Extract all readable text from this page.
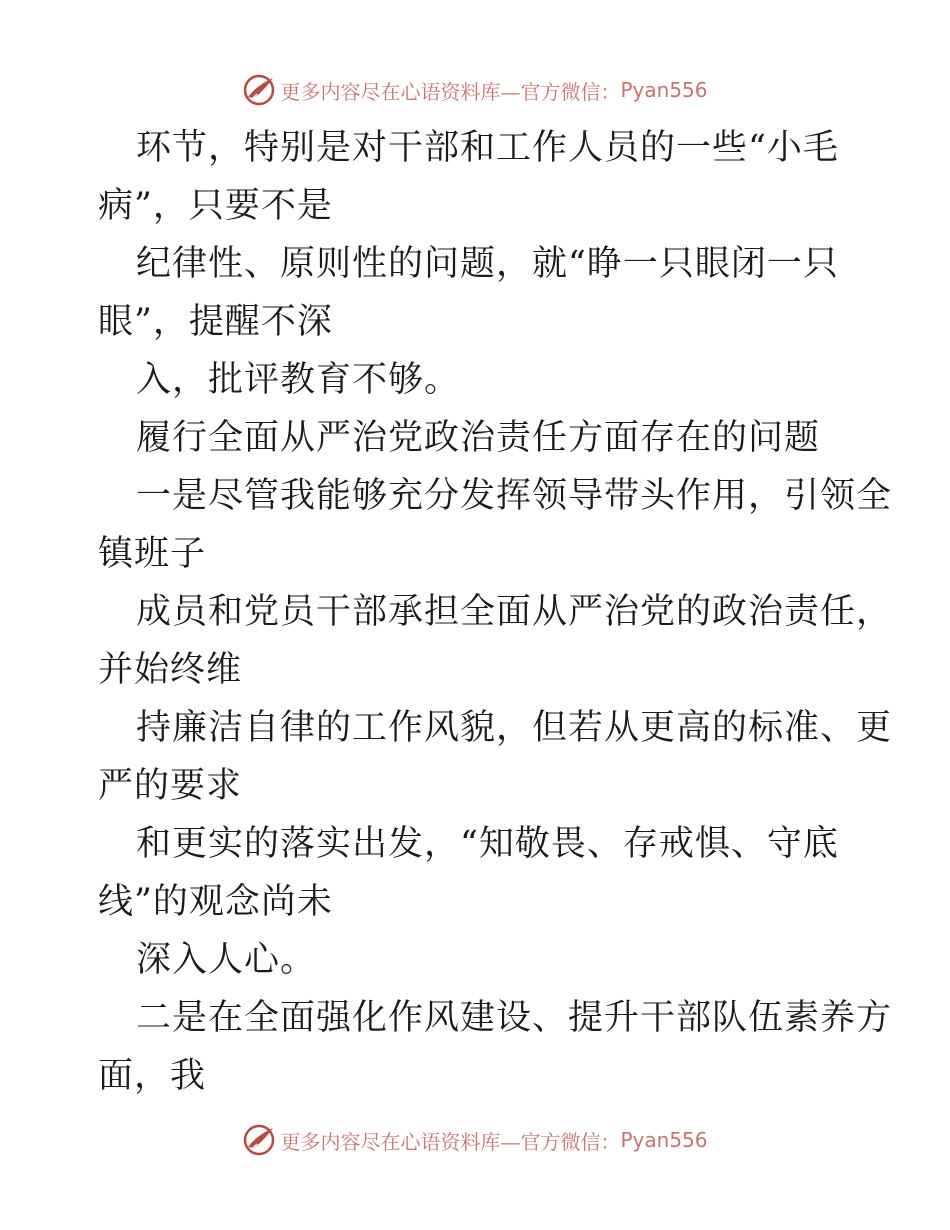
更多内容尽在心语资料库—官方微信： Pyan556
环节，特别是对干部和工作人员的一些“小毛
病”，只要不是
纪律性、原则性的问题，就“睁一只眼闭一只
眼”，提醒不深
入，批评教育不够。
履行全面从严治党政治责任方面存在的问题
一是尽管我能够充分发挥领导带头作用，引领全
镇班子
成员和党员干部承担全面从严治党的政治责任，
并始终维
持廉洁自律的工作风貌，但若从更高的标准、更
严的要求
和更实的落实出发，“知敬畏、存戒惧、守底
线”的观念尚未
深入人心。
二是在全面强化作风建设、提升干部队伍素养方
面，我
更多内容尽在心语资料库—官方微信： Pyan556
